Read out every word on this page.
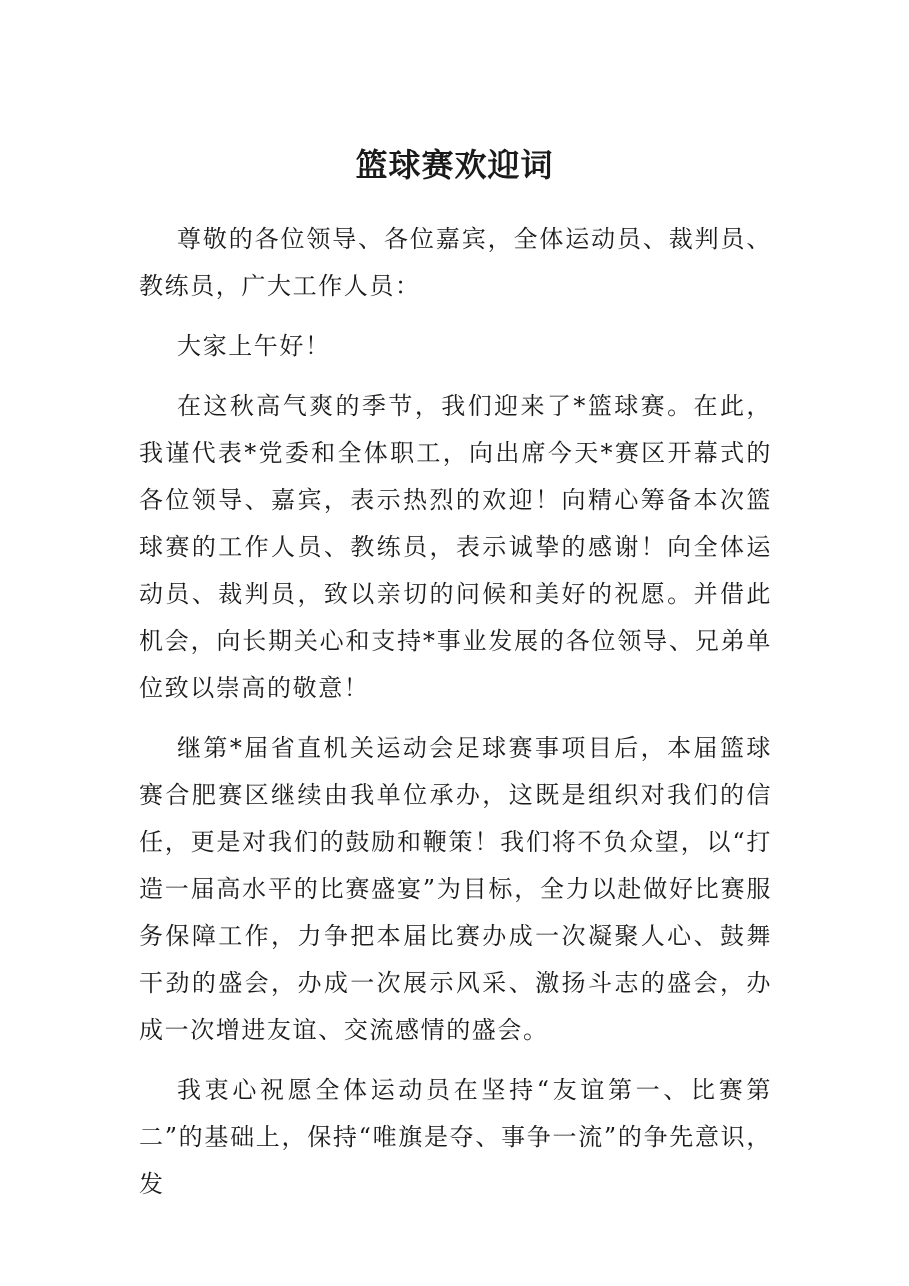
篮球赛欢迎词

尊敬的各位领导、各位嘉宾，全体运动员、裁判员、教练员，广大工作人员：

大家上午好！

在这秋高气爽的季节，我们迎来了*篮球赛。在此，我谨代表*党委和全体职工，向出席今天*赛区开幕式的各位领导、嘉宾，表示热烈的欢迎！向精心筹备本次篮球赛的工作人员、教练员，表示诚挚的感谢！向全体运动员、裁判员，致以亲切的问候和美好的祝愿。并借此机会，向长期关心和支持*事业发展的各位领导、兄弟单位致以崇高的敬意！

继第*届省直机关运动会足球赛事项目后，本届篮球赛合肥赛区继续由我单位承办，这既是组织对我们的信任，更是对我们的鼓励和鞭策！我们将不负众望，以“打造一届高水平的比赛盛宴”为目标，全力以赴做好比赛服务保障工作，力争把本届比赛办成一次凝聚人心、鼓舞干劲的盛会，办成一次展示风采、激扬斗志的盛会，办成一次增进友谊、交流感情的盛会。

我衷心祝愿全体运动员在坚持“友谊第一、比赛第二”的基础上，保持“唯旗是夺、事争一流”的争先意识，发
